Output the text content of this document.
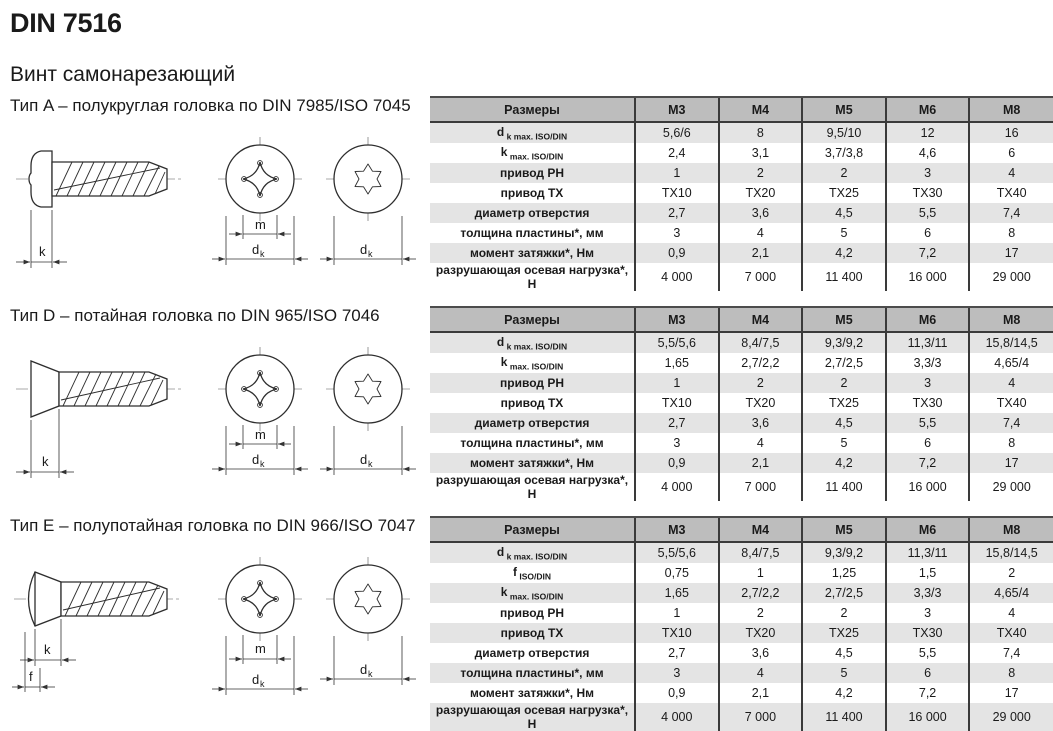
DIN 7516
Винт самонарезающий
Тип A – полукруглая головка по DIN 7985/ISO 7045
k
m
d k	d k
Размеры	М3	М4	М5	М6	М8
d $_{k max. ISO/DIN}$	5,6/6	8	9,5/10	12	16
k $_{max. ISO/DIN}$	2,4	3,1	3,7/3,8	4,6	6
привод PH	1	2	2	3	4
привод TX	TX10	TX20	TX25	TX30	TX40
диаметр отверстия	2,7	3,6	4,5	5,5	7,4
толщина пластины*, мм	3	4	5	6	8
момент затяжки*, Нм	0,9	2,1	4,2	7,2	17
разрушающая осевая нагрузка*, Н	4 000	7 000	11 400	16 000	29 000
Тип D – потайная головка по DIN 965/ISO 7046
k
m
d k	d k
Размеры	М3	М4	М5	М6	М8
d $_{k max. ISO/DIN}$	5,5/5,6	8,4/7,5	9,3/9,2	11,3/11	15,8/14,5
k $_{max. ISO/DIN}$	1,65	2,7/2,2	2,7/2,5	3,3/3	4,65/4
привод PH	1	2	2	3	4
привод TX	TX10	TX20	TX25	TX30	TX40
диаметр отверстия	2,7	3,6	4,5	5,5	7,4
толщина пластины*, мм	3	4	5	6	8
момент затяжки*, Нм	0,9	2,1	4,2	7,2	17
разрушающая осевая нагрузка*, Н	4 000	7 000	11 400	16 000	29 000
Тип E – полупотайная головка по DIN 966/ISO 7047
k
f
m
d k
d k
Размеры	М3	М4	М5	М6	М8
d $_{k max. ISO/DIN}$	5,5/5,6	8,4/7,5	9,3/9,2	11,3/11	15,8/14,5
f $_{ISO/DIN}$	0,75	1	1,25	1,5	2
k $_{max. ISO/DIN}$	1,65	2,7/2,2	2,7/2,5	3,3/3	4,65/4
привод PH	1	2	2	3	4
привод TX	TX10	TX20	TX25	TX30	TX40
диаметр отверстия	2,7	3,6	4,5	5,5	7,4
толщина пластины*, мм	3	4	5	6	8
момент затяжки*, Нм	0,9	2,1	4,2	7,2	17
разрушающая осевая нагрузка*, Н	4 000	7 000	11 400	16 000	29 000
